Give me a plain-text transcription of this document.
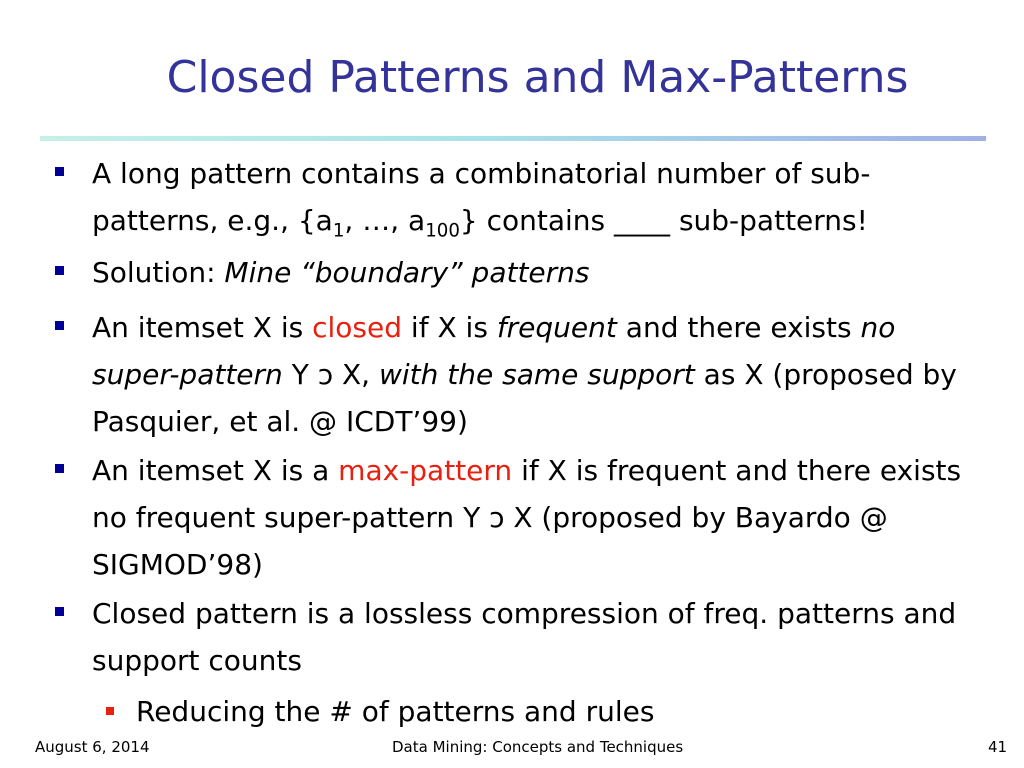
Closed Patterns and Max-Patterns
A long pattern contains a combinatorial number of sub-
patterns, e.g., {$a_1$, …, $a_{100}$} contains ____ sub-patterns!
Solution: Mine “boundary” patterns
An itemset X is closed if X is frequent and there exists no super-pattern Y ɔ X, with the same support as X (proposed by Pasquier, et al. @ ICDT’99)
An itemset X is a max-pattern if X is frequent and there exists no frequent super-pattern Y ɔ X (proposed by Bayardo @ SIGMOD’98)
Closed pattern is a lossless compression of freq. patterns and support counts
Reducing the # of patterns and rules
August 6, 2014	Data Mining: Concepts and Techniques	41
